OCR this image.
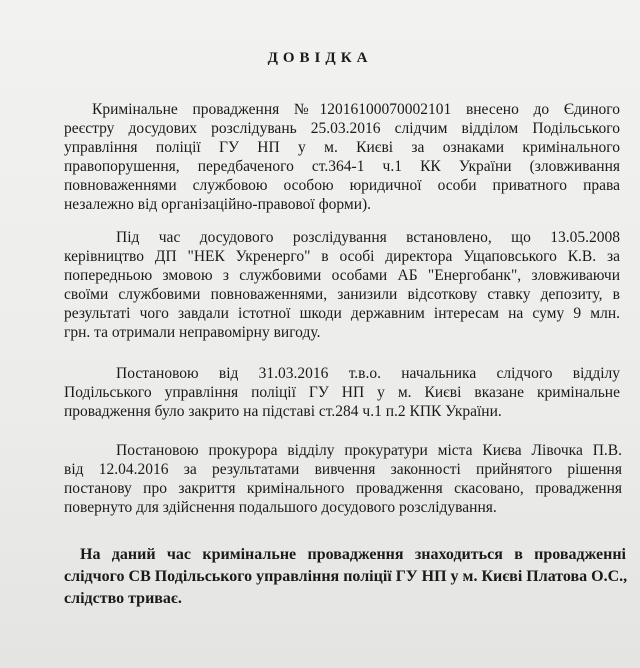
ДОВІДКА
Кримінальне провадження №12016100070002101 внесено до Єдиного
реєстру досудових розслідувань 25.03.2016 слідчим відділом Подільського
управління поліції ГУ НП у м. Києві за ознаками кримінального
правопорушення, передбаченого ст.364-1 ч.1 КК України (зловживання
повноваженнями службовою особою юридичної особи приватного права
незалежно від організаційно-правової форми).
Під час досудового розслідування встановлено, що 13.05.2008
керівництво ДП "НЕК Укренерго" в особі директора Ущаповського К.В. за
попередньою змовою з службовими особами АБ "Енергобанк", зловживаючи
своїми службовими повноваженнями, занизили відсоткову ставку депозиту, в
результаті чого завдали істотної шкоди державним інтересам на суму 9 млн.
грн. та отримали неправомірну вигоду.
Постановою від 31.03.2016 т.в.о. начальника слідчого відділу
Подільського управління поліції ГУ НП у м. Києві вказане кримінальне
провадження було закрито на підставі ст.284 ч.1 п.2 КПК України.
Постановою прокурора відділу прокуратури міста Києва Лівочка П.В.
від 12.04.2016 за результатами вивчення законності прийнятого рішення
постанову про закриття кримінального провадження скасовано, провадження
повернуто для здійснення подальшого досудового розслідування.
На даний час кримінальне провадження знаходиться в провадженні
слідчого СВ Подільського управління поліції ГУ НП у м. Києві Платова О.С.,
слідство триває.
